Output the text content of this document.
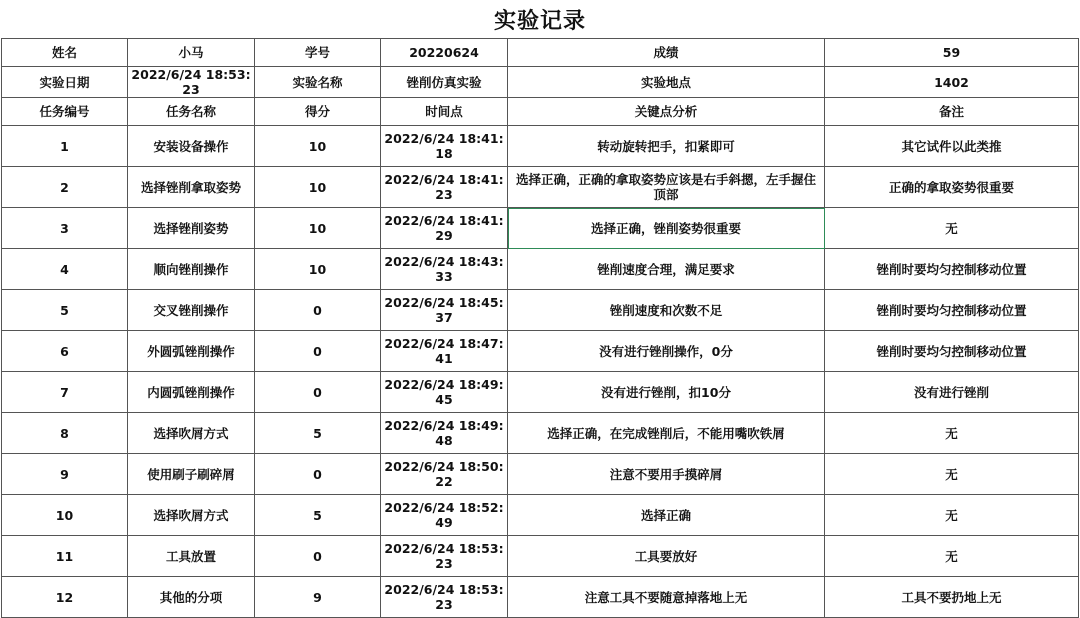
实验记录
姓名	小马	学号	20220624	成绩	59
实验日期	2022/6/24 18:53:23	实验名称	锉削仿真实验	实验地点	1402
任务编号	任务名称	得分	时间点	关键点分析	备注
1	安装设备操作	10	2022/6/24 18:41:18	转动旋转把手，扣紧即可	其它试件以此类推
2	选择锉削拿取姿势	10	2022/6/24 18:41:23	选择正确，正确的拿取姿势应该是右手斜摁，左手握住顶部	正确的拿取姿势很重要
3	选择锉削姿势	10	2022/6/24 18:41:29	选择正确，锉削姿势很重要	无
4	顺向锉削操作	10	2022/6/24 18:43:33	锉削速度合理，满足要求	锉削时要均匀控制移动位置
5	交叉锉削操作	0	2022/6/24 18:45:37	锉削速度和次数不足	锉削时要均匀控制移动位置
6	外圆弧锉削操作	0	2022/6/24 18:47:41	没有进行锉削操作，0分	锉削时要均匀控制移动位置
7	内圆弧锉削操作	0	2022/6/24 18:49:45	没有进行锉削，扣10分	没有进行锉削
8	选择吹屑方式	5	2022/6/24 18:49:48	选择正确，在完成锉削后，不能用嘴吹铁屑	无
9	使用刷子刷碎屑	0	2022/6/24 18:50:22	注意不要用手摸碎屑	无
10	选择吹屑方式	5	2022/6/24 18:52:49	选择正确	无
11	工具放置	0	2022/6/24 18:53:23	工具要放好	无
12	其他的分项	9	2022/6/24 18:53:23	注意工具不要随意掉落地上无	工具不要扔地上无
